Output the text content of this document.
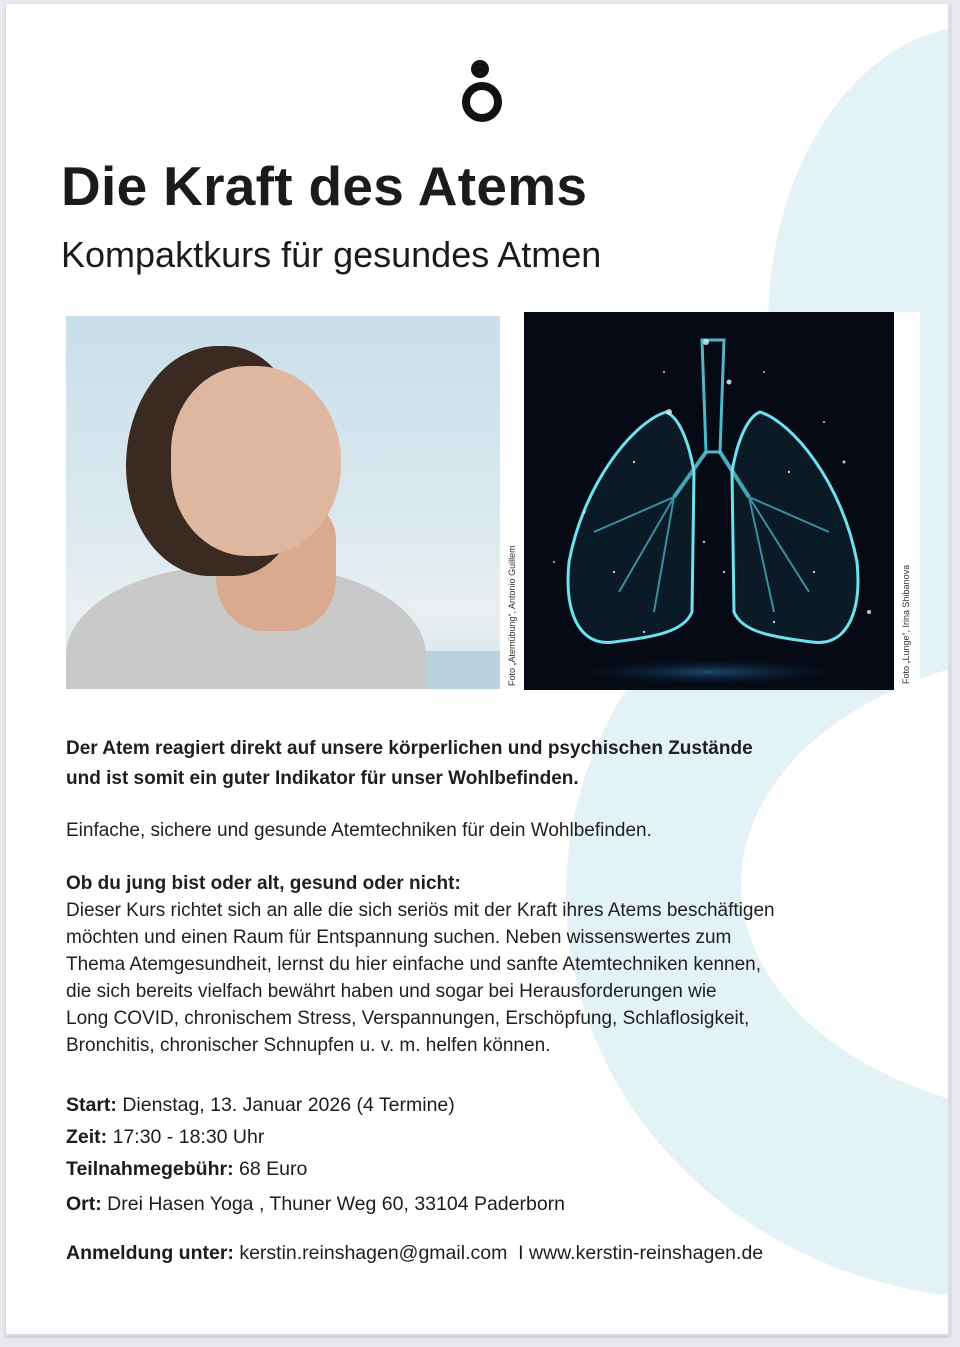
Die Kraft des Atems
Kompaktkurs für gesundes Atmen
Foto „Atemübung“, Antonio Guillem	Foto „Lunge“, Irina Shibanova
Der Atem reagiert direkt auf unsere körperlichen und psychischen Zustände
und ist somit ein guter Indikator für unser Wohlbefinden.
Einfache, sichere und gesunde Atemtechniken für dein Wohlbefinden.
Ob du jung bist oder alt, gesund oder nicht:
Dieser Kurs richtet sich an alle die sich seriös mit der Kraft ihres Atems beschäftigen
möchten und einen Raum für Entspannung suchen. Neben wissenswertes zum
Thema Atemgesundheit, lernst du hier einfache und sanfte Atemtechniken kennen,
die sich bereits vielfach bewährt haben und sogar bei Herausforderungen wie
Long COVID, chronischem Stress, Verspannungen, Erschöpfung, Schlaflosigkeit,
Bronchitis, chronischer Schnupfen u. v. m. helfen können.
Start: Dienstag, 13. Januar 2026 (4 Termine)
Zeit: 17:30 - 18:30 Uhr
Teilnahmegebühr: 68 Euro
Ort: Drei Hasen Yoga , Thuner Weg 60, 33104 Paderborn
Anmeldung unter: kerstin.reinshagen@gmail.com I www.kerstin-reinshagen.de
